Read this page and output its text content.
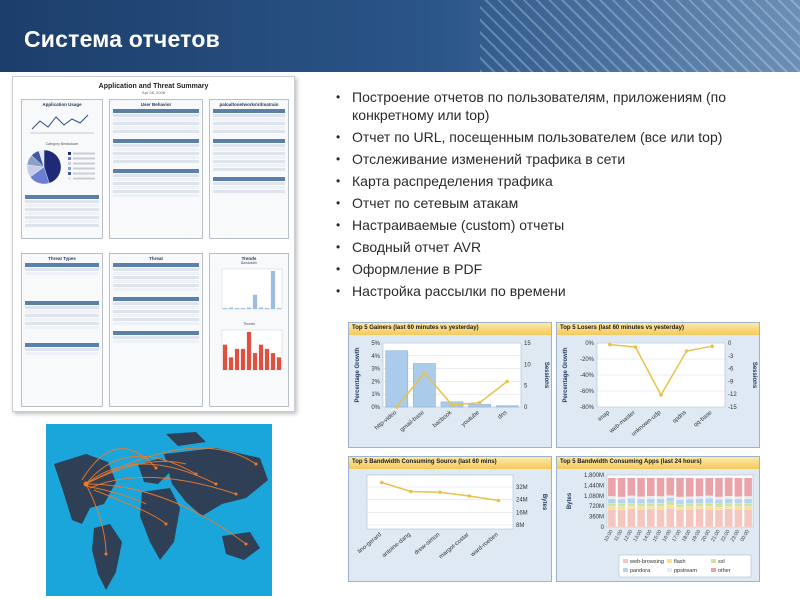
Система отчетов
• Построение отчетов по пользователям, приложениям (по конкретному или top)
• Отчет по URL, посещенным пользователем (все или top)
• Отслеживание изменений трафика в сети
• Карта распределения трафика
• Отчет по сетевым атакам
• Настраиваемые (custom) отчеты
• Сводный отчет AVR
• Оформление в PDF
• Настройка рассылки по времени
Application and Threat Summary
Apr 28, 2008
Application Usage
Category Breakdown
User Behavior	paloaltonetworks\rdmatrain
Threat Types	Threat	Trends
Bandwidth
Threats
Top 5 Gainers (last 60 minutes vs yesterday)
5%
4%
3%
2%
1%
0%
15
10
5
0
http-video gmail-base bacbook youtube	dns
Percentage Growth	Sessions
Top 5 Losers (last 60 minutes vs yesterday)
0%
-20%
-40%
-60%
-80%
0
-3
-6
-9
-12
-15
imap
web-master
unknown-udp spdns qq-base
Percentage Growth	Sessions
Top 5 Bandwidth Consuming Source (last 60 mins)
32M
24M
16M
8M
lino-gerard
antoine-dang drew-simon
margot-costar ward-roeben
Bytes
Top 5 Bandwidth Consuming Apps (last 24 hours)
1,800M
1,440M
1,080M
720M
360M
0
10:00
11:00
12:00
13:00
14:00
15:00
16:00
17:00
18:00
19:00
20:00
21:00
22:00
23:00
00:00
Bytes
web-browsing flash	ssl
pandora	ppstream	other
